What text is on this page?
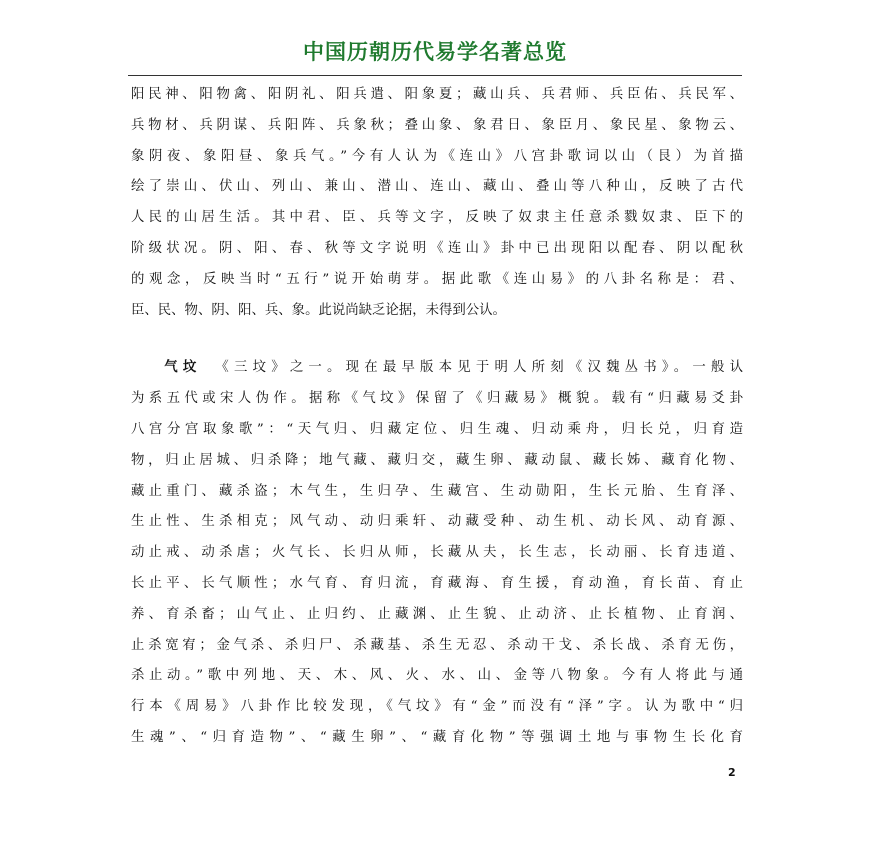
中国历朝历代易学名著总览
阳民神、阳物禽、阳阴礼、阳兵遣、阳象夏；藏山兵、兵君师、兵臣佑、兵民军、
兵物材、兵阴谋、兵阳阵、兵象秋；叠山象、象君日、象臣月、象民星、象物云、
象阴夜、象阳昼、象兵气。”今有人认为《连山》八宫卦歌词以山（艮）为首描
绘了崇山、伏山、列山、兼山、潜山、连山、藏山、叠山等八种山，反映了古代
人民的山居生活。其中君、臣、兵等文字，反映了奴隶主任意杀戮奴隶、臣下的
阶级状况。阴、阳、春、秋等文字说明《连山》卦中已出现阳以配春、阴以配秋
的观念，反映当时“五行”说开始萌芽。据此歌《连山易》的八卦名称是：君、
臣、民、物、阴、阳、兵、象。此说尚缺乏论据，未得到公认。
气坟 《三坟》之一。现在最早版本见于明人所刻《汉魏丛书》。一般认
为系五代或宋人伪作。据称《气坟》保留了《归藏易》概貌。载有“归藏易爻卦
八宫分宫取象歌”：“天气归、归藏定位、归生魂、归动乘舟，归长兑，归育造
物，归止居城、归杀降；地气藏、藏归交，藏生卵、藏动鼠、藏长姊、藏育化物、
藏止重门、藏杀盗；木气生，生归孕、生藏宫、生动勋阳，生长元胎、生育泽、
生止性、生杀相克；风气动、动归乘轩、动藏受种、动生机、动长风、动育源、
动止戒、动杀虐；火气长、长归从师，长藏从夫，长生志，长动丽、长育违道、
长止平、长气顺性；水气育、育归流，育藏海、育生援，育动渔，育长苗、育止
养、育杀畜；山气止、止归约、止藏渊、止生貌、止动济、止长植物、止育润、
止杀宽宥；金气杀、杀归尸、杀藏基、杀生无忍、杀动干戈、杀长战、杀育无伤，
杀止动。”歌中列地、天、木、风、火、水、山、金等八物象。今有人将此与通
行本《周易》八卦作比较发现，《气坟》有“金”而没有“泽”字。认为歌中“归
生魂”、“归育造物”、“藏生卵”、“藏育化物”等强调土地与事物生长化育
2
